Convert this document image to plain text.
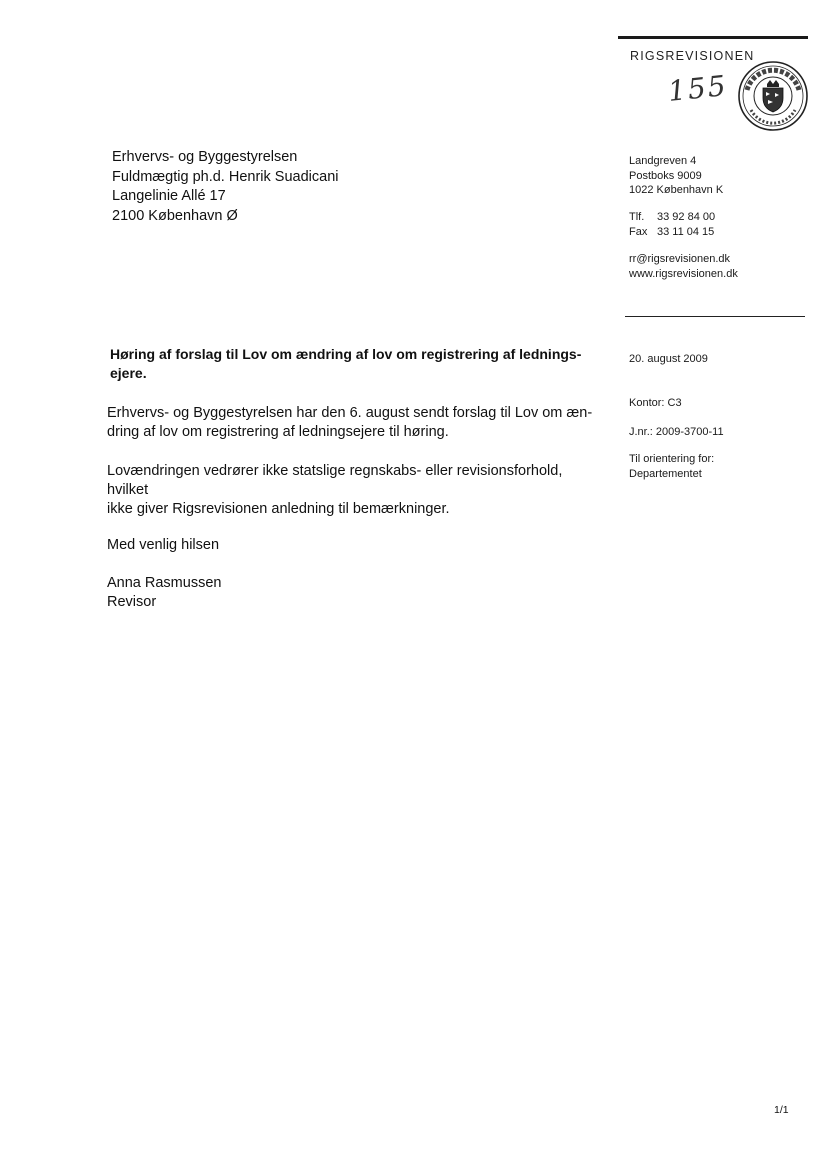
RIGSREVISIONEN
155
Erhvervs- og Byggestyrelsen
Fuldmægtig ph.d. Henrik Suadicani
Langelinie Allé 17
2100 København Ø
Landgreven 4
Postboks 9009
1022 København K
Tlf. 33 92 84 00
Fax 33 11 04 15
rr@rigsrevisionen.dk
www.rigsrevisionen.dk
20. august 2009
Kontor: C3
J.nr.: 2009-3700-11
Til orientering for:
Departementet
Høring af forslag til Lov om ændring af lov om registrering af lednings-
ejere.
Erhvervs- og Byggestyrelsen har den 6. august sendt forslag til Lov om æn-
dring af lov om registrering af ledningsejere til høring.
Lovændringen vedrører ikke statslige regnskabs- eller revisionsforhold, hvilket
ikke giver Rigsrevisionen anledning til bemærkninger.
Med venlig hilsen
Anna Rasmussen
Revisor
1/1
